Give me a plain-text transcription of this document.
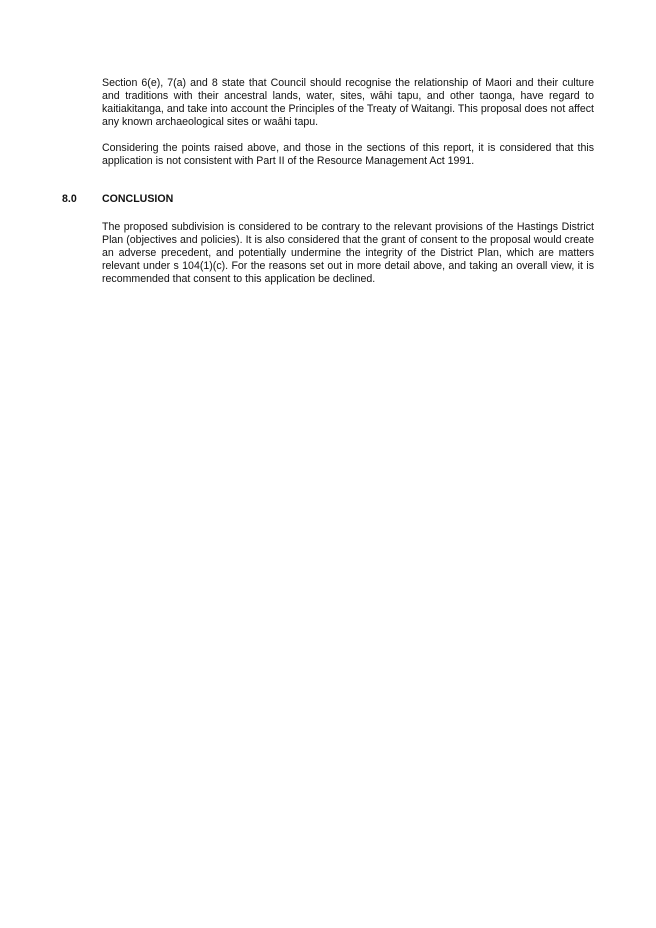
Section 6(e), 7(a) and 8 state that Council should recognise the relationship of Maori and their culture and traditions with their ancestral lands, water, sites, wāhi tapu, and other taonga, have regard to kaitiakitanga, and take into account the Principles of the Treaty of Waitangi. This proposal does not affect any known archaeological sites or waāhi tapu.

Considering the points raised above, and those in the sections of this report, it is considered that this application is not consistent with Part II of the Resource Management Act 1991.

8.0 CONCLUSION

The proposed subdivision is considered to be contrary to the relevant provisions of the Hastings District Plan (objectives and policies). It is also considered that the grant of consent to the proposal would create an adverse precedent, and potentially undermine the integrity of the District Plan, which are matters relevant under s 104(1)(c). For the reasons set out in more detail above, and taking an overall view, it is recommended that consent to this application be declined.
